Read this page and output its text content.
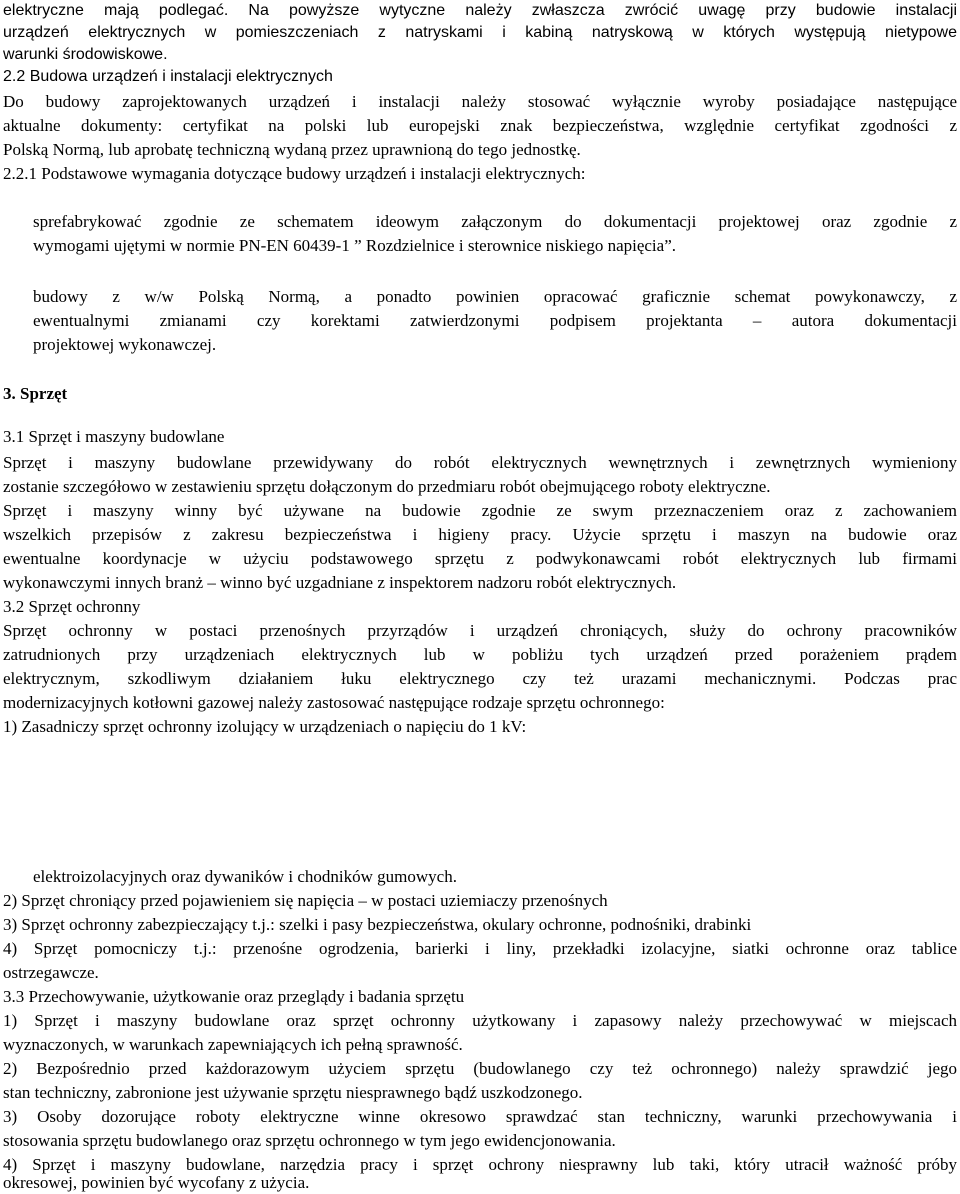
elektryczne mają podlegać. Na powyższe wytyczne należy zwłaszcza zwrócić uwagę przy budowie instalacji
urządzeń elektrycznych w pomieszczeniach z natryskami i kabiną natryskową w których występują nietypowe
warunki środowiskowe.
2.2 Budowa urządzeń i instalacji elektrycznych
Do budowy zaprojektowanych urządzeń i instalacji należy stosować wyłącznie wyroby posiadające następujące
aktualne dokumenty: certyfikat na polski lub europejski znak bezpieczeństwa, względnie certyfikat zgodności z
Polską Normą, lub aprobatę techniczną wydaną przez uprawnioną do tego jednostkę.
2.2.1 Podstawowe wymagania dotyczące budowy urządzeń i instalacji elektrycznych:
sprefabrykować zgodnie ze schematem ideowym załączonym do dokumentacji projektowej oraz zgodnie z
wymogami ujętymi w normie PN-EN 60439-1 ” Rozdzielnice i sterownice niskiego napięcia”.
budowy z w/w Polską Normą, a ponadto powinien opracować graficznie schemat powykonawczy, z
ewentualnymi zmianami czy korektami zatwierdzonymi podpisem projektanta – autora dokumentacji
projektowej wykonawczej.
3. Sprzęt
3.1 Sprzęt i maszyny budowlane
Sprzęt i maszyny budowlane przewidywany do robót elektrycznych wewnętrznych i zewnętrznych wymieniony
zostanie szczegółowo w zestawieniu sprzętu dołączonym do przedmiaru robót obejmującego roboty elektryczne.
Sprzęt i maszyny winny być używane na budowie zgodnie ze swym przeznaczeniem oraz z zachowaniem
wszelkich przepisów z zakresu bezpieczeństwa i higieny pracy. Użycie sprzętu i maszyn na budowie oraz
ewentualne koordynacje w użyciu podstawowego sprzętu z podwykonawcami robót elektrycznych lub firmami
wykonawczymi innych branż – winno być uzgadniane z inspektorem nadzoru robót elektrycznych.
3.2 Sprzęt ochronny
Sprzęt ochronny w postaci przenośnych przyrządów i urządzeń chroniących, służy do ochrony pracowników
zatrudnionych przy urządzeniach elektrycznych lub w pobliżu tych urządzeń przed porażeniem prądem
elektrycznym, szkodliwym działaniem łuku elektrycznego czy też urazami mechanicznymi. Podczas prac
modernizacyjnych kotłowni gazowej należy zastosować następujące rodzaje sprzętu ochronnego:
1) Zasadniczy sprzęt ochronny izolujący w urządzeniach o napięciu do 1 kV:
elektroizolacyjnych oraz dywaników i chodników gumowych.
2) Sprzęt chroniący przed pojawieniem się napięcia – w postaci uziemiaczy przenośnych
3) Sprzęt ochronny zabezpieczający t.j.: szelki i pasy bezpieczeństwa, okulary ochronne, podnośniki, drabinki
4) Sprzęt pomocniczy t.j.: przenośne ogrodzenia, barierki i liny, przekładki izolacyjne, siatki ochronne oraz tablice
ostrzegawcze.
3.3 Przechowywanie, użytkowanie oraz przeglądy i badania sprzętu
1) Sprzęt i maszyny budowlane oraz sprzęt ochronny użytkowany i zapasowy należy przechowywać w miejscach
wyznaczonych, w warunkach zapewniających ich pełną sprawność.
2) Bezpośrednio przed każdorazowym użyciem sprzętu (budowlanego czy też ochronnego) należy sprawdzić jego
stan techniczny, zabronione jest używanie sprzętu niesprawnego bądź uszkodzonego.
3) Osoby dozorujące roboty elektryczne winne okresowo sprawdzać stan techniczny, warunki przechowywania i
stosowania sprzętu budowlanego oraz sprzętu ochronnego w tym jego ewidencjonowania.
4) Sprzęt i maszyny budowlane, narzędzia pracy i sprzęt ochrony niesprawny lub taki, który utracił ważność próby
okresowej, powinien być wycofany z użycia.
